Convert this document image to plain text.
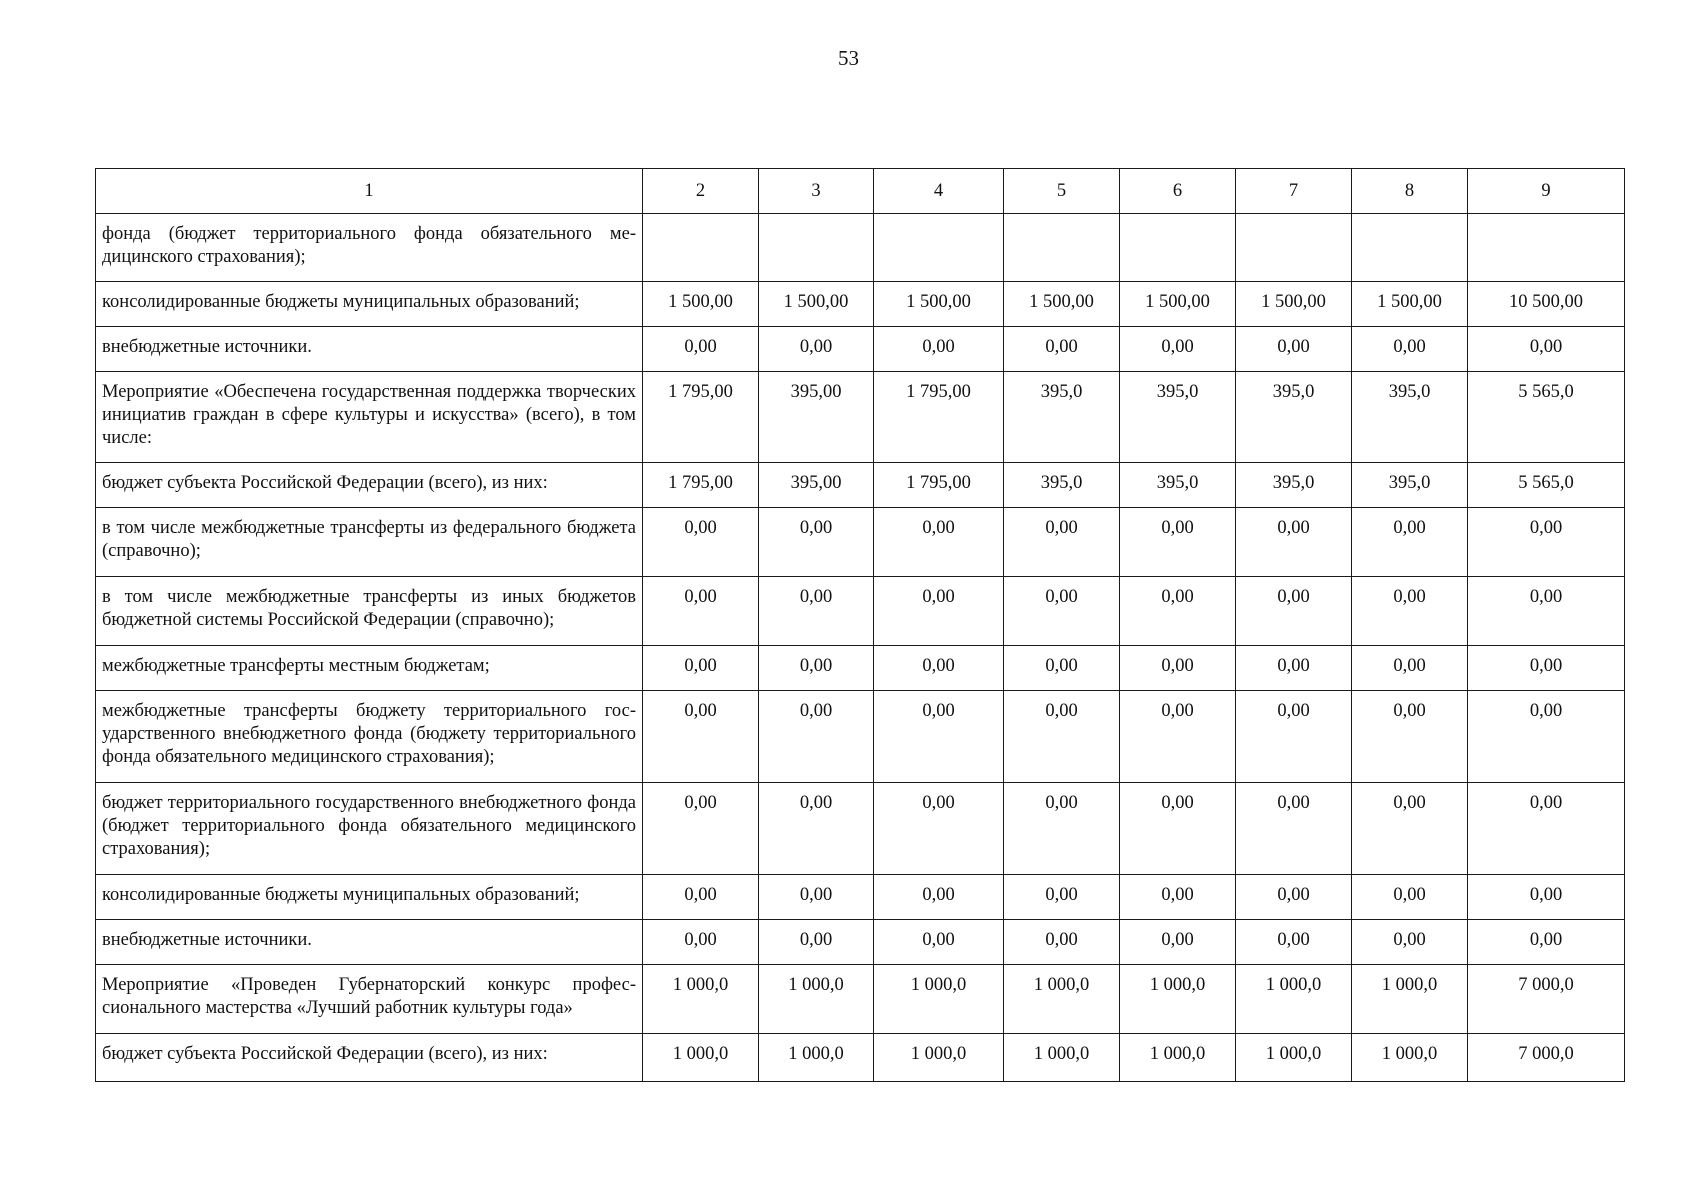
53
1	2	3	4	5	6	7	8	9
фонда (бюджет территориального фонда обязательного медицинского страхования);								
консолидированные бюджеты муниципальных образований;	1 500,00	1 500,00	1 500,00	1 500,00	1 500,00	1 500,00	1 500,00	10 500,00
внебюджетные источники.	0,00	0,00	0,00	0,00	0,00	0,00	0,00	0,00
Мероприятие «Обеспечена государственная поддержка творческих инициатив граждан в сфере культуры и искусства» (всего), в том числе:	1 795,00	395,00	1 795,00	395,0	395,0	395,0	395,0	5 565,0
бюджет субъекта Российской Федерации (всего), из них:	1 795,00	395,00	1 795,00	395,0	395,0	395,0	395,0	5 565,0
в том числе межбюджетные трансферты из федерального бюджета (справочно);	0,00	0,00	0,00	0,00	0,00	0,00	0,00	0,00
в том числе межбюджетные трансферты из иных бюджетов бюджетной системы Российской Федерации (справочно);	0,00	0,00	0,00	0,00	0,00	0,00	0,00	0,00
межбюджетные трансферты местным бюджетам;	0,00	0,00	0,00	0,00	0,00	0,00	0,00	0,00
межбюджетные трансферты бюджету территориального государственного внебюджетного фонда (бюджету территориального фонда обязательного медицинского страхования);	0,00	0,00	0,00	0,00	0,00	0,00	0,00	0,00
бюджет территориального государственного внебюджетного фонда (бюджет территориального фонда обязательного медицинского страхования);	0,00	0,00	0,00	0,00	0,00	0,00	0,00	0,00
консолидированные бюджеты муниципальных образований;	0,00	0,00	0,00	0,00	0,00	0,00	0,00	0,00
внебюджетные источники.	0,00	0,00	0,00	0,00	0,00	0,00	0,00	0,00
Мероприятие «Проведен Губернаторский конкурс профессионального мастерства «Лучший работник культуры года»	1 000,0	1 000,0	1 000,0	1 000,0	1 000,0	1 000,0	1 000,0	7 000,0
бюджет субъекта Российской Федерации (всего), из них:	1 000,0	1 000,0	1 000,0	1 000,0	1 000,0	1 000,0	1 000,0	7 000,0
